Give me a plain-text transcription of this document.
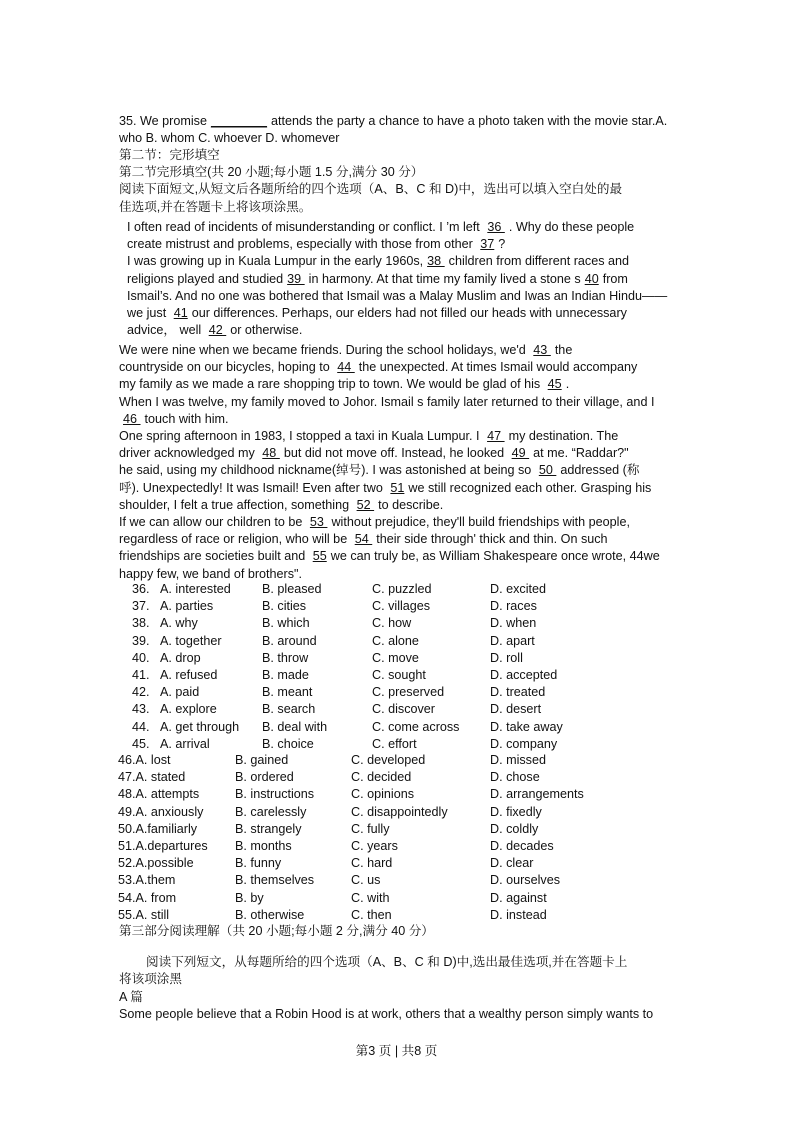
35. We promise ________ attends the party a chance to have a photo taken with the movie star.A.
who B. whom C. whoever D. whomever
第二节：完形填空
第二节完形填空(共 20 小题;每小题 1.5 分,满分 30 分）
阅读下面短文,从短文后各题所给的四个选项（A、B、C 和 D)中，选出可以填入空白处的最
佳选项,并在答题卡上将该项涂黑。
I often read of incidents of misunderstanding or conflict. I ’m left 36 . Why do these people
create mistrust and problems, especially with those from other 37 ?
I was growing up in Kuala Lumpur in the early 1960s, 38 children from different races and
religions played and studied 39 in harmony. At that time my family lived a stone s 40 from
Ismail’s. And no one was bothered that Ismail was a Malay Muslim and Iwas an Indian Hindu——
we just 41 our differences. Perhaps, our elders had not filled our heads with unnecessary
advice， well 42 or otherwise.
We were nine when we became friends. During the school holidays, we'd 43 the
countryside on our bicycles, hoping to 44 the unexpected. At times Ismail would accompany
my family as we made a rare shopping trip to town. We would be glad of his 45 .
When I was twelve, my family moved to Johor. Ismail s family later returned to their village, and I
46 touch with him.
One spring afternoon in 1983, I stopped a taxi in Kuala Lumpur. I 47 my destination. The
driver acknowledged my 48 but did not move off. Instead, he looked 49 at me. “Raddar?"
he said, using my childhood nickname(绰号). I was astonished at being so 50 addressed (称
呼). Unexpectedly! It was Ismail! Even after two 51 we still recognized each other. Grasping his
shoulder, I felt a true affection, something 52 to describe.
If we can allow our children to be 53 without prejudice, they'll build friendships with people,
regardless of race or religion, who will be 54 their side through' thick and thin. On such
friendships are societies built and 55 we can truly be, as William Shakespeare once wrote, 44we
happy few, we band of brothers".
36. A. interested B. pleased	C. puzzled	D. excited
37. A. parties	B. cities	C. villages	D. races
38. A. why	B. which	C. how	D. when
39. A. together	B. around	C. alone	D. apart
40. A. drop	B. throw	C. move	D. roll
41. A. refused	B. made	C. sought	D. accepted
42. A. paid	B. meant	C. preserved	D. treated
43. A. explore	B. search	C. discover	D. desert
44. A. get through B. deal with	C. come across D. take away
45. A. arrival	B. choice	C. effort	D. company
46.A. lost	B. gained	C. developed	D. missed
47.A. stated	B. ordered	C. decided	D. chose
48.A. attempts	B. instructions	C. opinions	D. arrangements
49.A. anxiously	B. carelessly	C. disappointedly	D. fixedly
50.A.familiarly	B. strangely	C. fully	D. coldly
51.A.departures B. months	C. years	D. decades
52.A.possible	B. funny	C. hard	D. clear
53.A.them	B. themselves	C. us	D. ourselves
54.A. from	B. by	C. with	D. against
55.A. still	B. otherwise	C. then	D. instead
第三部分阅读理解（共 20 小题;每小题 2 分,满分 40 分）
阅读下列短文，从每题所给的四个选项（A、B、C 和 D)中,选出最佳选项,并在答题卡上
将该项涂黑
A 篇
Some people believe that a Robin Hood is at work, others that a wealthy person simply wants to
第3 页 | 共8 页
